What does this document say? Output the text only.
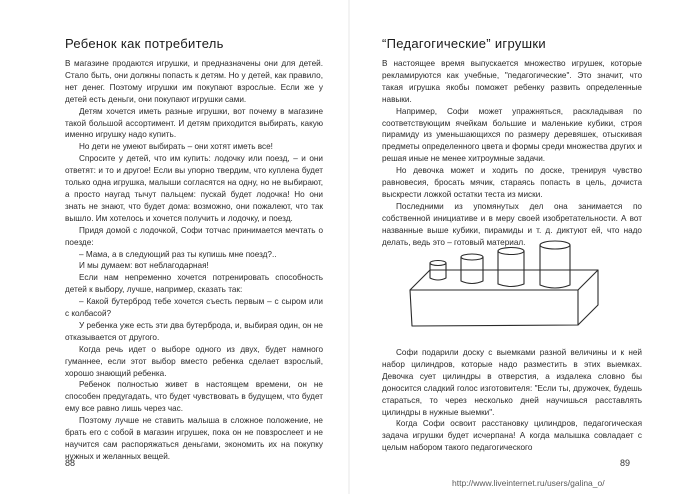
Ребенок как потребитель

В магазине продаются игрушки, и предназначены они для детей. Стало быть, они должны попасть к детям. Но у детей, как правило, нет денег. Поэтому игрушки им покупают взрослые. Если же у детей есть деньги, они покупают игрушки сами.

Детям хочется иметь разные игрушки, вот почему в магазине такой большой ассортимент. И детям приходится выбирать, какую именно игрушку надо купить.

Но дети не умеют выбирать – они хотят иметь все!

Спросите у детей, что им купить: лодочку или поезд, – и они ответят: и то и другое! Если вы упорно твердим, что куплена будет только одна игрушка, малыши согласятся на одну, но не выбирают, а просто наугад тычут пальцем: пускай будет лодочка! Но они знать не знают, что будет дома: возможно, они пожалеют, что так вышло. Им хотелось и хочется получить и лодочку, и поезд.

Придя домой с лодочкой, Софи тотчас принимается мечтать о поезде:

– Мама, а в следующий раз ты купишь мне поезд?..

И мы думаем: вот неблагодарная!

Если нам непременно хочется потренировать способность детей к выбору, лучше, например, сказать так:

– Какой бутерброд тебе хочется съесть первым – с сыром или с колбасой?

У ребенка уже есть эти два бутерброда, и, выбирая один, он не отказывается от другого.

Когда речь идет о выборе одного из двух, будет намного гуманнее, если этот выбор вместо ребенка сделает взрослый, хорошо знающий ребенка.

Ребенок полностью живет в настоящем времени, он не способен предугадать, что будет чувствовать в будущем, что будет ему все равно лишь через час.

Поэтому лучше не ставить малыша в сложное положение, не брать его с собой в магазин игрушек, пока он не повзрослеет и не научится сам распоряжаться деньгами, экономить их на покупку нужных и желанных вещей.

88
“Педагогические” игрушки

В настоящее время выпускается множество игрушек, которые рекламируются как учебные, "педагогические". Это значит, что такая игрушка якобы поможет ребенку развить определенные навыки.

Например, Софи может упражняться, раскладывая по соответствующим ячейкам большие и маленькие кубики, строя пирамиду из уменьшающихся по размеру деревяшек, отыскивая предметы определенного цвета и формы среди множества других и решая иные не менее хитроумные задачи.

Но девочка может и ходить по доске, тренируя чувство равновесия, бросать мячик, стараясь попасть в цель, дочиста выскрести ложкой остатки теста из миски.

Последними из упомянутых дел она занимается по собственной инициативе и в меру своей изобретательности. А вот названные выше кубики, пирамиды и т. д. диктуют ей, что надо делать, ведь это – готовый материал.

Софи подарили доску с выемками разной величины и к ней набор цилиндров, которые надо разместить в этих выемках. Девочка сует цилиндры в отверстия, а издалека словно бы доносится сладкий голос изготовителя: "Если ты, дружочек, будешь стараться, то через несколько дней научишься расставлять цилиндры в нужные выемки".

Когда Софи освоит расстановку цилиндров, педагогическая задача игрушки будет исчерпана! А когда малышка совладает с целым набором такого педагогического

89
http://www.liveinternet.ru/users/galina_o/
